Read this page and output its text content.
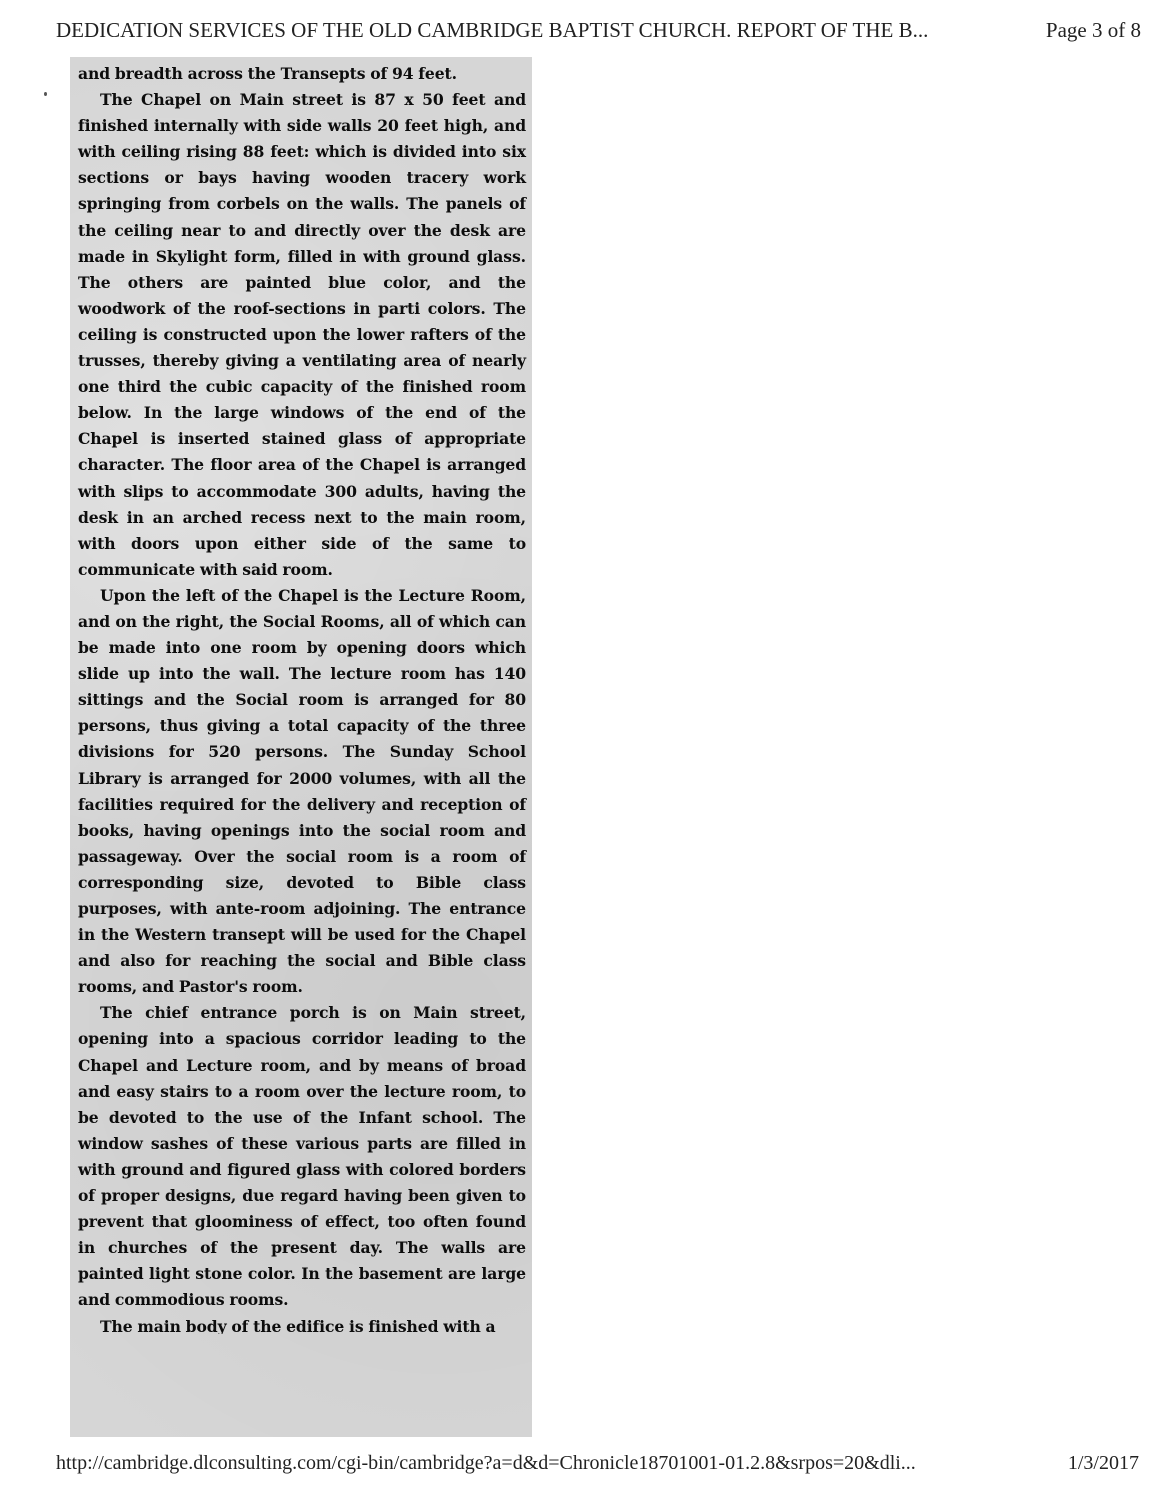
DEDICATION SERVICES OF THE OLD CAMBRIDGE BAPTIST CHURCH. REPORT OF THE B...	Page 3 of 8

and breadth across the Transepts of 94 feet.

The Chapel on Main street is 87 x 50 feet and finished internally with side walls 20 feet high, and with ceiling rising 88 feet: which is divided into six sections or bays having wooden tracery work springing from corbels on the walls. The panels of the ceiling near to and directly over the desk are made in Skylight form, filled in with ground glass. The others are painted blue color, and the woodwork of the roof-sections in parti colors. The ceiling is constructed upon the lower rafters of the trusses, thereby giving a ventilating area of nearly one third the cubic capacity of the finished room below. In the large windows of the end of the Chapel is inserted stained glass of appropriate character. The floor area of the Chapel is arranged with slips to accommodate 300 adults, having the desk in an arched recess next to the main room, with doors upon either side of the same to communicate with said room.

Upon the left of the Chapel is the Lecture Room, and on the right, the Social Rooms, all of which can be made into one room by opening doors which slide up into the wall. The lecture room has 140 sittings and the Social room is arranged for 80 persons, thus giving a total capacity of the three divisions for 520 persons. The Sunday School Library is arranged for 2000 volumes, with all the facilities required for the delivery and reception of books, having openings into the social room and passageway. Over the social room is a room of corresponding size, devoted to Bible class purposes, with ante-room adjoining. The entrance in the Western transept will be used for the Chapel and also for reaching the social and Bible class rooms, and Pastor's room.

The chief entrance porch is on Main street, opening into a spacious corridor leading to the Chapel and Lecture room, and by means of broad and easy stairs to a room over the lecture room, to be devoted to the use of the Infant school. The window sashes of these various parts are filled in with ground and figured glass with colored borders of proper designs, due regard having been given to prevent that gloominess of effect, too often found in churches of the present day. The walls are painted light stone color. In the basement are large and commodious rooms.

The main body of the edifice is finished with a

http://cambridge.dlconsulting.com/cgi-bin/cambridge?a=d&d=Chronicle18701001-01.2.8&srpos=20&dli...	1/3/2017
